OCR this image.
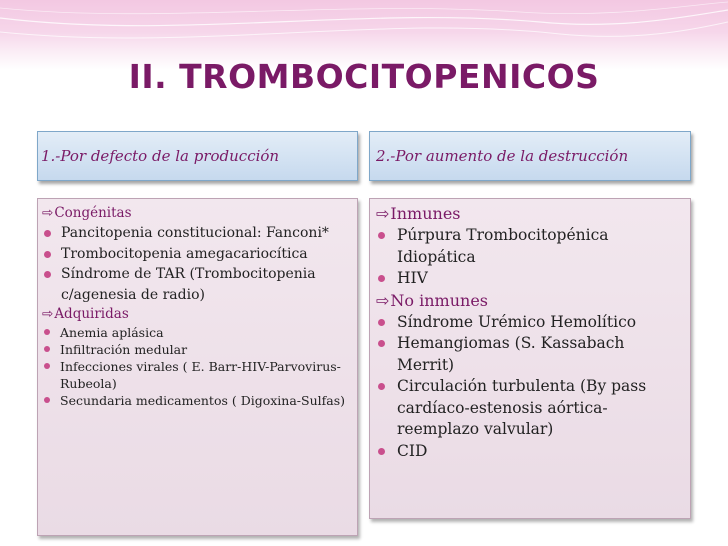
II. TROMBOCITOPENICOS
1.-Por defecto de la producción	2.-Por aumento de la destrucción
⇨ Congénitas
Pancitopenia constitucional: Fanconi*
Trombocitopenia amegacariocítica
Síndrome de TAR (Trombocitopenia c/agenesia de radio)
⇨ Adquiridas
Anemia aplásica
Infiltración medular
Infecciones virales ( E. Barr-HIV-Parvovirus-Rubeola)
Secundaria medicamentos ( Digoxina-Sulfas)
⇨ Inmunes
Púrpura Trombocitopénica Idiopática
HIV
⇨ No inmunes
Síndrome Urémico Hemolítico
Hemangiomas (S. Kassabach Merrit)
Circulación turbulenta (By pass cardíaco-estenosis aórtica-reemplazo valvular)
CID
